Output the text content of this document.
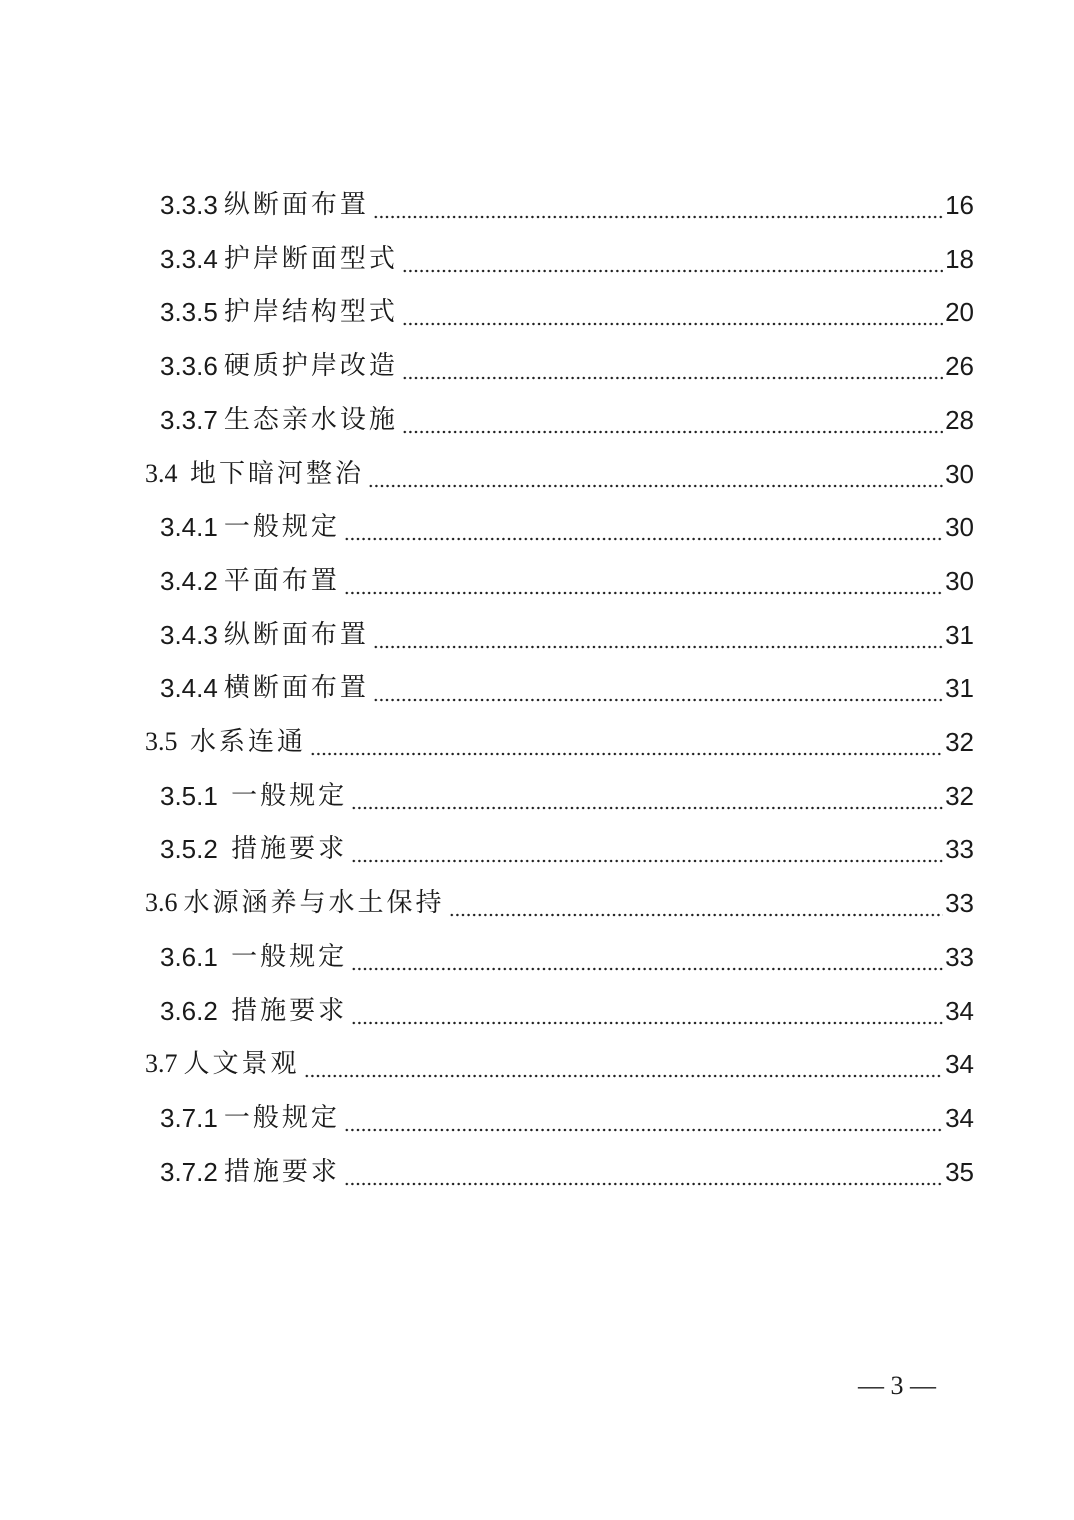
3.3.3 纵断面布置	16
3.3.4 护岸断面型式	18
3.3.5 护岸结构型式	20
3.3.6 硬质护岸改造	26
3.3.7 生态亲水设施	28
3.4 地下暗河整治	30
3.4.1 一般规定	30
3.4.2 平面布置	30
3.4.3 纵断面布置	31
3.4.4 横断面布置	31
3.5 水系连通	32
3.5.1 一般规定	32
3.5.2 措施要求	33
3.6 水源涵养与水土保持	33
3.6.1 一般规定	33
3.6.2 措施要求	34
3.7 人文景观	34
3.7.1 一般规定	34
3.7.2 措施要求	35
— 3 —
